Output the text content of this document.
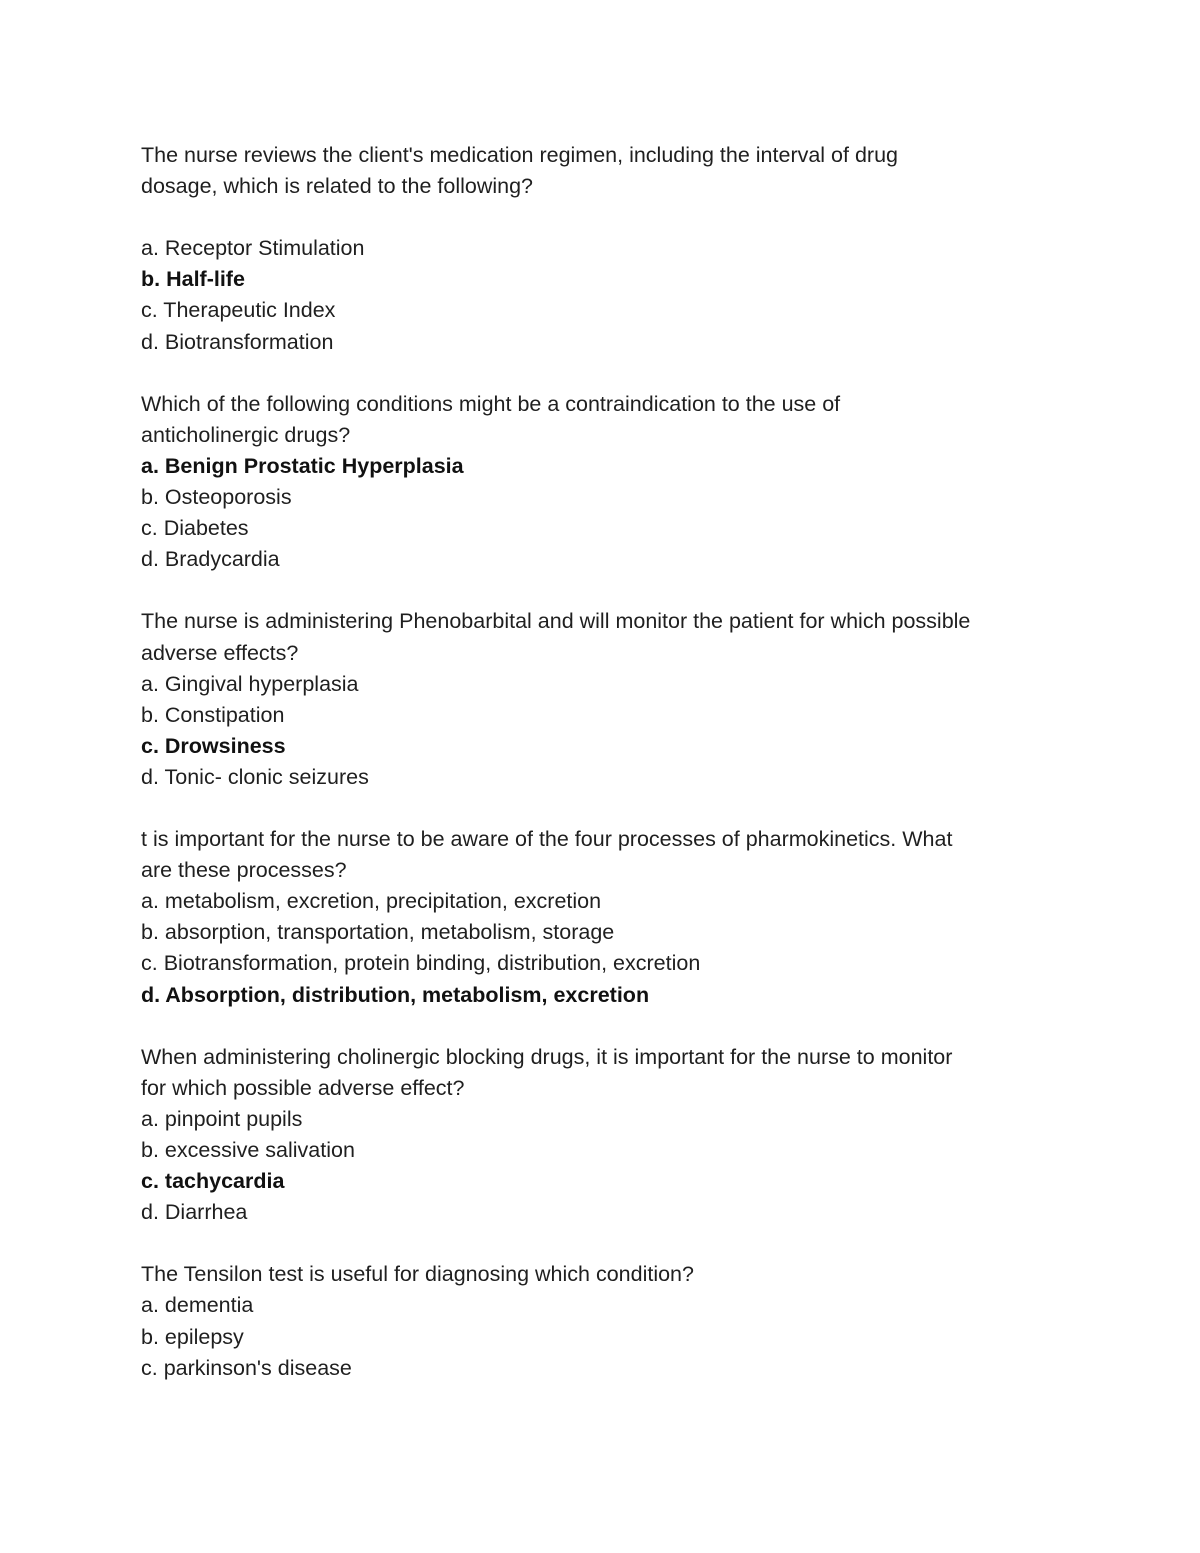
The nurse reviews the client's medication regimen, including the interval of drug
dosage, which is related to the following?
a. Receptor Stimulation
b. Half-life
c. Therapeutic Index
d. Biotransformation
Which of the following conditions might be a contraindication to the use of
anticholinergic drugs?
a. Benign Prostatic Hyperplasia
b. Osteoporosis
c. Diabetes
d. Bradycardia
The nurse is administering Phenobarbital and will monitor the patient for which possible
adverse effects?
a. Gingival hyperplasia
b. Constipation
c. Drowsiness
d. Tonic- clonic seizures
t is important for the nurse to be aware of the four processes of pharmokinetics. What
are these processes?
a. metabolism, excretion, precipitation, excretion
b. absorption, transportation, metabolism, storage
c. Biotransformation, protein binding, distribution, excretion
d. Absorption, distribution, metabolism, excretion
When administering cholinergic blocking drugs, it is important for the nurse to monitor
for which possible adverse effect?
a. pinpoint pupils
b. excessive salivation
c. tachycardia
d. Diarrhea
The Tensilon test is useful for diagnosing which condition?
a. dementia
b. epilepsy
c. parkinson's disease
